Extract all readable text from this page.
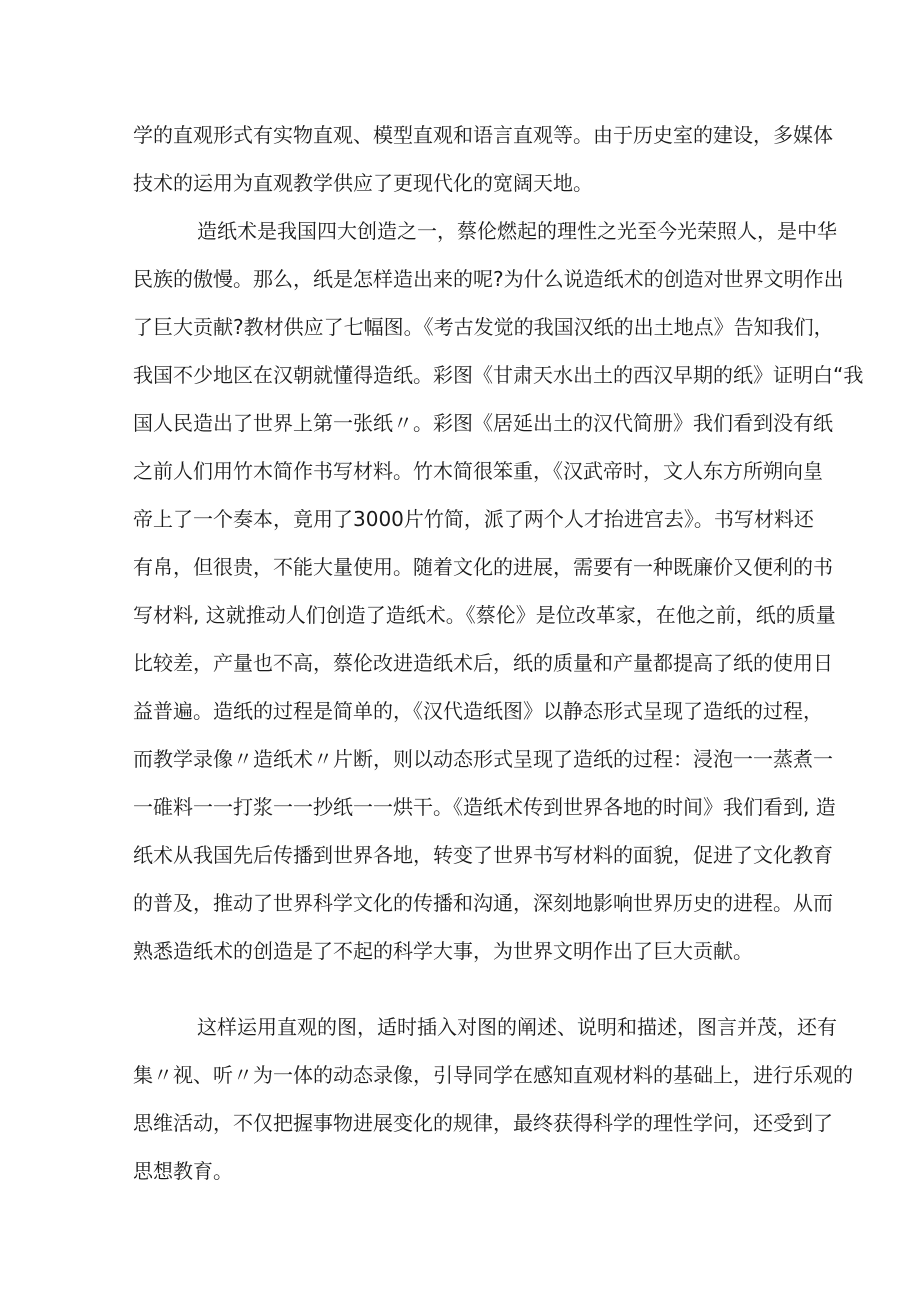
学的直观形式有实物直观、模型直观和语言直观等。由于历史室的建设，多媒体
技术的运用为直观教学供应了更现代化的宽阔天地。
造纸术是我国四大创造之一，蔡伦燃起的理性之光至今光荣照人，是中华
民族的傲慢。那么，纸是怎样造出来的呢?为什么说造纸术的创造对世界文明作出
了巨大贡献?教材供应了七幅图。《考古发觉的我国汉纸的出土地点》告知我们，
我国不少地区在汉朝就懂得造纸。彩图《甘肃天水出土的西汉早期的纸》证明白“我
国人民造出了世界上第一张纸〃。彩图《居延出土的汉代简册》我们看到没有纸
之前人们用竹木简作书写材料。竹木简很笨重，《汉武帝时，文人东方所朔向皇
帝上了一个奏本，竟用了3000片竹简，派了两个人才抬进宫去》。书写材料还
有帛，但很贵，不能大量使用。随着文化的进展，需要有一种既廉价又便利的书
写材料, 这就推动人们创造了造纸术。《蔡伦》是位改革家，在他之前，纸的质量
比较差，产量也不高，蔡伦改进造纸术后，纸的质量和产量都提高了纸的使用日
益普遍。造纸的过程是简单的，《汉代造纸图》以静态形式呈现了造纸的过程，
而教学录像〃造纸术〃片断，则以动态形式呈现了造纸的过程：浸泡一一蒸煮一
一碓料一一打浆一一抄纸一一烘干。《造纸术传到世界各地的时间》我们看到, 造
纸术从我国先后传播到世界各地，转变了世界书写材料的面貌，促进了文化教育
的普及，推动了世界科学文化的传播和沟通，深刻地影响世界历史的进程。从而
熟悉造纸术的创造是了不起的科学大事，为世界文明作出了巨大贡献。
这样运用直观的图，适时插入对图的阐述、说明和描述，图言并茂，还有
集〃视、听〃为一体的动态录像，引导同学在感知直观材料的基础上，进行乐观的
思维活动，不仅把握事物进展变化的规律，最终获得科学的理性学问，还受到了
思想教育。
